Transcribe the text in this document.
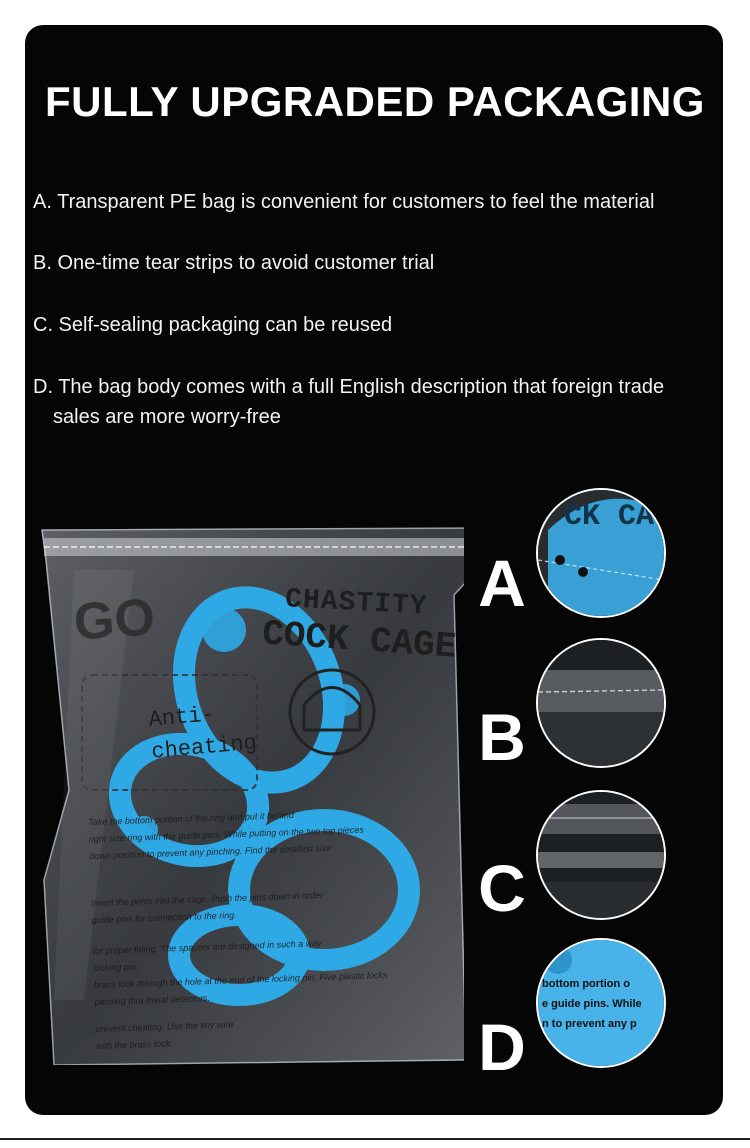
FULLY UPGRADED PACKAGING
A. Transparent PE bag is convenient for customers to feel the material
B. One-time tear strips to avoid customer trial
C. Self-sealing packaging can be reused
D. The bag body comes with a full English description that foreign trade sales are more worry-free
GO	CHASTITY
COCK CAGE
Anti-cheating
Take the bottom portion of the ring and put it behind
right size ring with the guide pins. While putting on the two top pieces
down position to prevent any pinching. Find the smallest size
Insert the penis into the cage. Push the pins down in order
guide pins for connection to the ring.
for proper fitting. The spacers are designed in such a way
locking pin.
brass lock through the hole at the end of the locking pin. Five plastic locks
passing thru metal detectors.
prevent cheating. Use the tiny wire
with the brass lock.
A
B
C
D
CK CA
bottom portion o
e guide pins. While
n to prevent any p
